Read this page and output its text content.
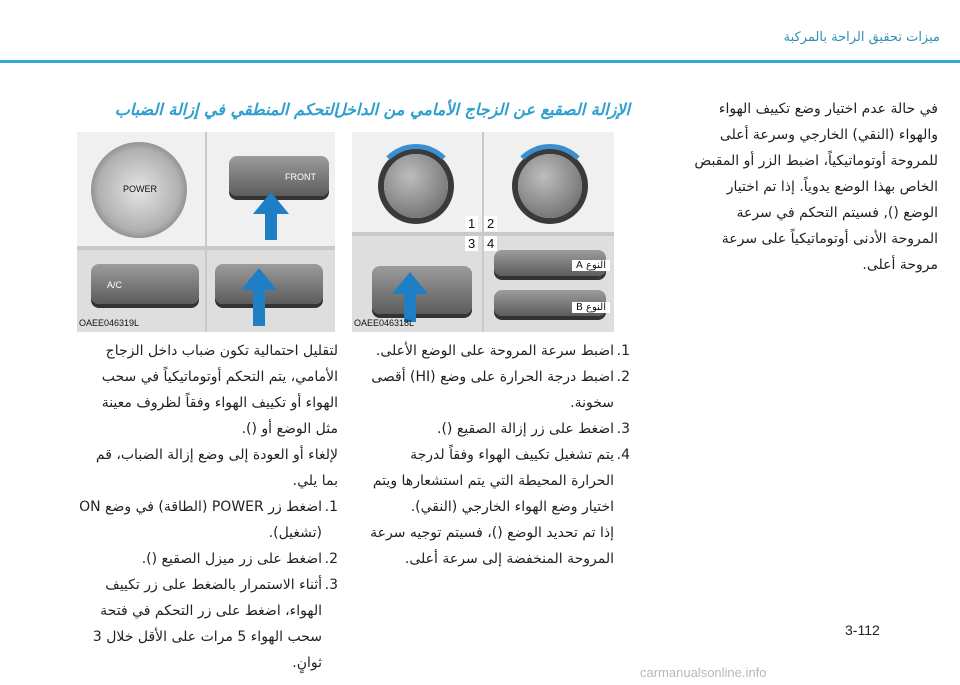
ميزات تحقيق الراحة بالمركبة

في حالة عدم اختيار وضع تكييف الهواء والهواء (النقي) الخارجي وسرعة أعلى للمروحة أوتوماتيكياً، اضبط الزر أو المقبض الخاص بهذا الوضع يدوياً. إذا تم اختيار الوضع (), فسيتم التحكم في سرعة المروحة الأدنى أوتوماتيكياً على سرعة مروحة أعلى.

الإزالة الصقيع عن الزجاج الأمامي من الداخل
النوع A
النوع B
1 2
3 4
OAEE046318L
1.
اضبط سرعة المروحة على الوضع الأعلى.
2.
اضبط درجة الحرارة على وضع (HI) أقصى سخونة.
3.
اضغط على زر إزالة الصقيع ().
4.
يتم تشغيل تكييف الهواء وفقاً لدرجة الحرارة المحيطة التي يتم استشعارها ويتم اختيار وضع الهواء الخارجي (النقي).
إذا تم تحديد الوضع ()، فسيتم توجيه سرعة المروحة المنخفضة إلى سرعة أعلى.
التحكم المنطقي في إزالة الضباب
POWER
FRONT
A/C
OAEE046319L

لتقليل احتمالية تكون ضباب داخل الزجاج الأمامي، يتم التحكم أوتوماتيكياً في سحب الهواء أو تكييف الهواء وفقاً لظروف معينة مثل الوضع أو ().

لإلغاء أو العودة إلى وضع إزالة الضباب، قم بما يلي.

1.
اضغط زر POWER (الطاقة) في وضع ON (تشغيل).
2.
اضغط على زر ميزل الصقيع ().
3.
أثناء الاستمرار بالضغط على زر تكييف الهواء، اضغط على زر التحكم في فتحة سحب الهواء 5 مرات على الأقل خلال 3 ثوانٍ.
3-112
carmanualsonline.info
